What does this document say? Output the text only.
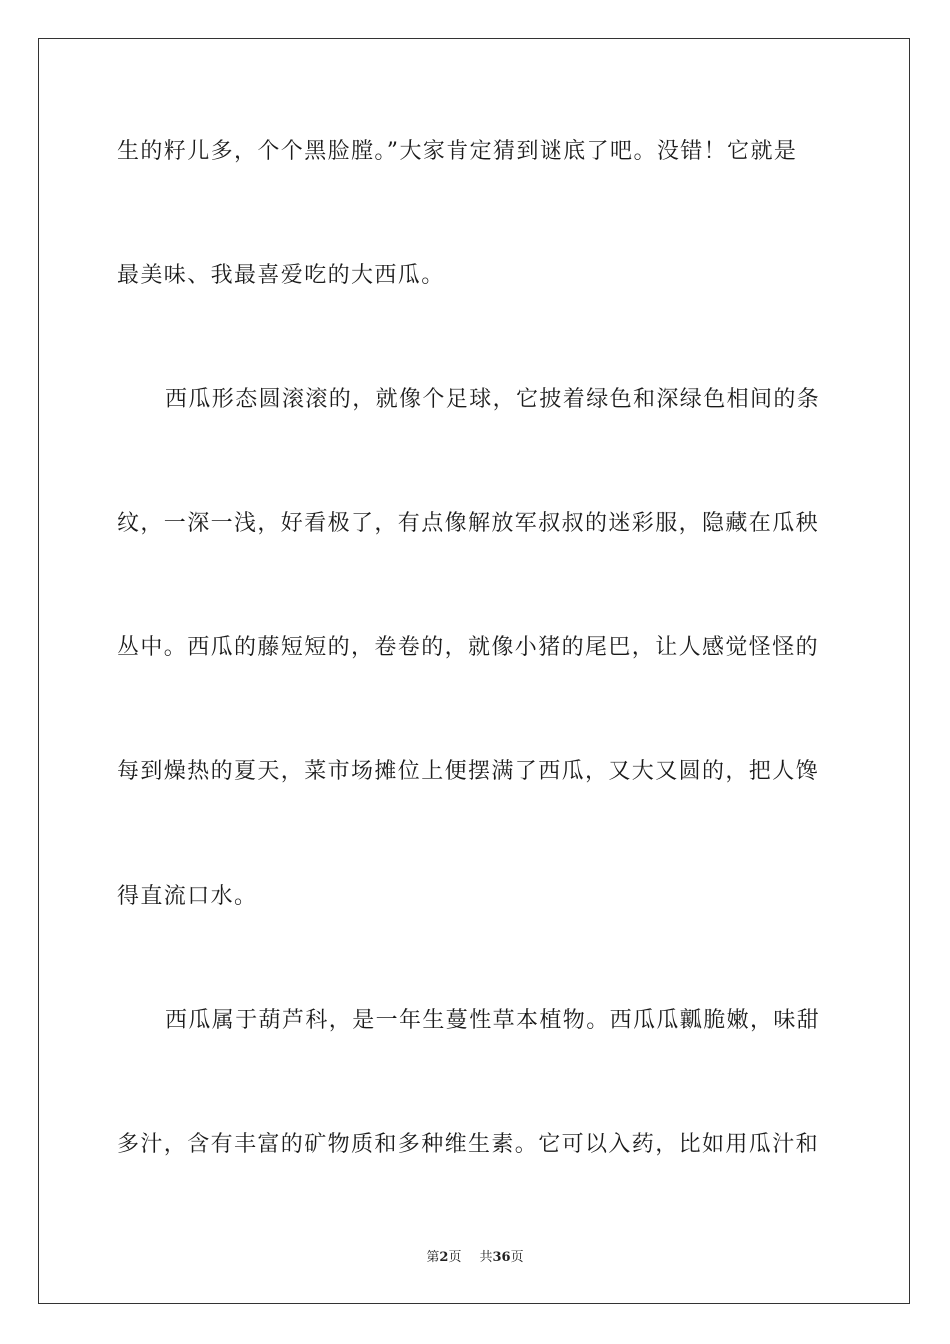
生的籽儿多，个个黑脸膛。”大家肯定猜到谜底了吧。没错！它就是
最美味、我最喜爱吃的大西瓜。
西瓜形态圆滚滚的，就像个足球，它披着绿色和深绿色相间的条
纹，一深一浅，好看极了，有点像解放军叔叔的迷彩服，隐藏在瓜秧
丛中。西瓜的藤短短的，卷卷的，就像小猪的尾巴，让人感觉怪怪的
每到燥热的夏天，菜市场摊位上便摆满了西瓜，又大又圆的，把人馋
得直流口水。
西瓜属于葫芦科，是一年生蔓性草本植物。西瓜瓜瓤脆嫩，味甜
多汁，含有丰富的矿物质和多种维生素。它可以入药，比如用瓜汁和
第2页 共36页
